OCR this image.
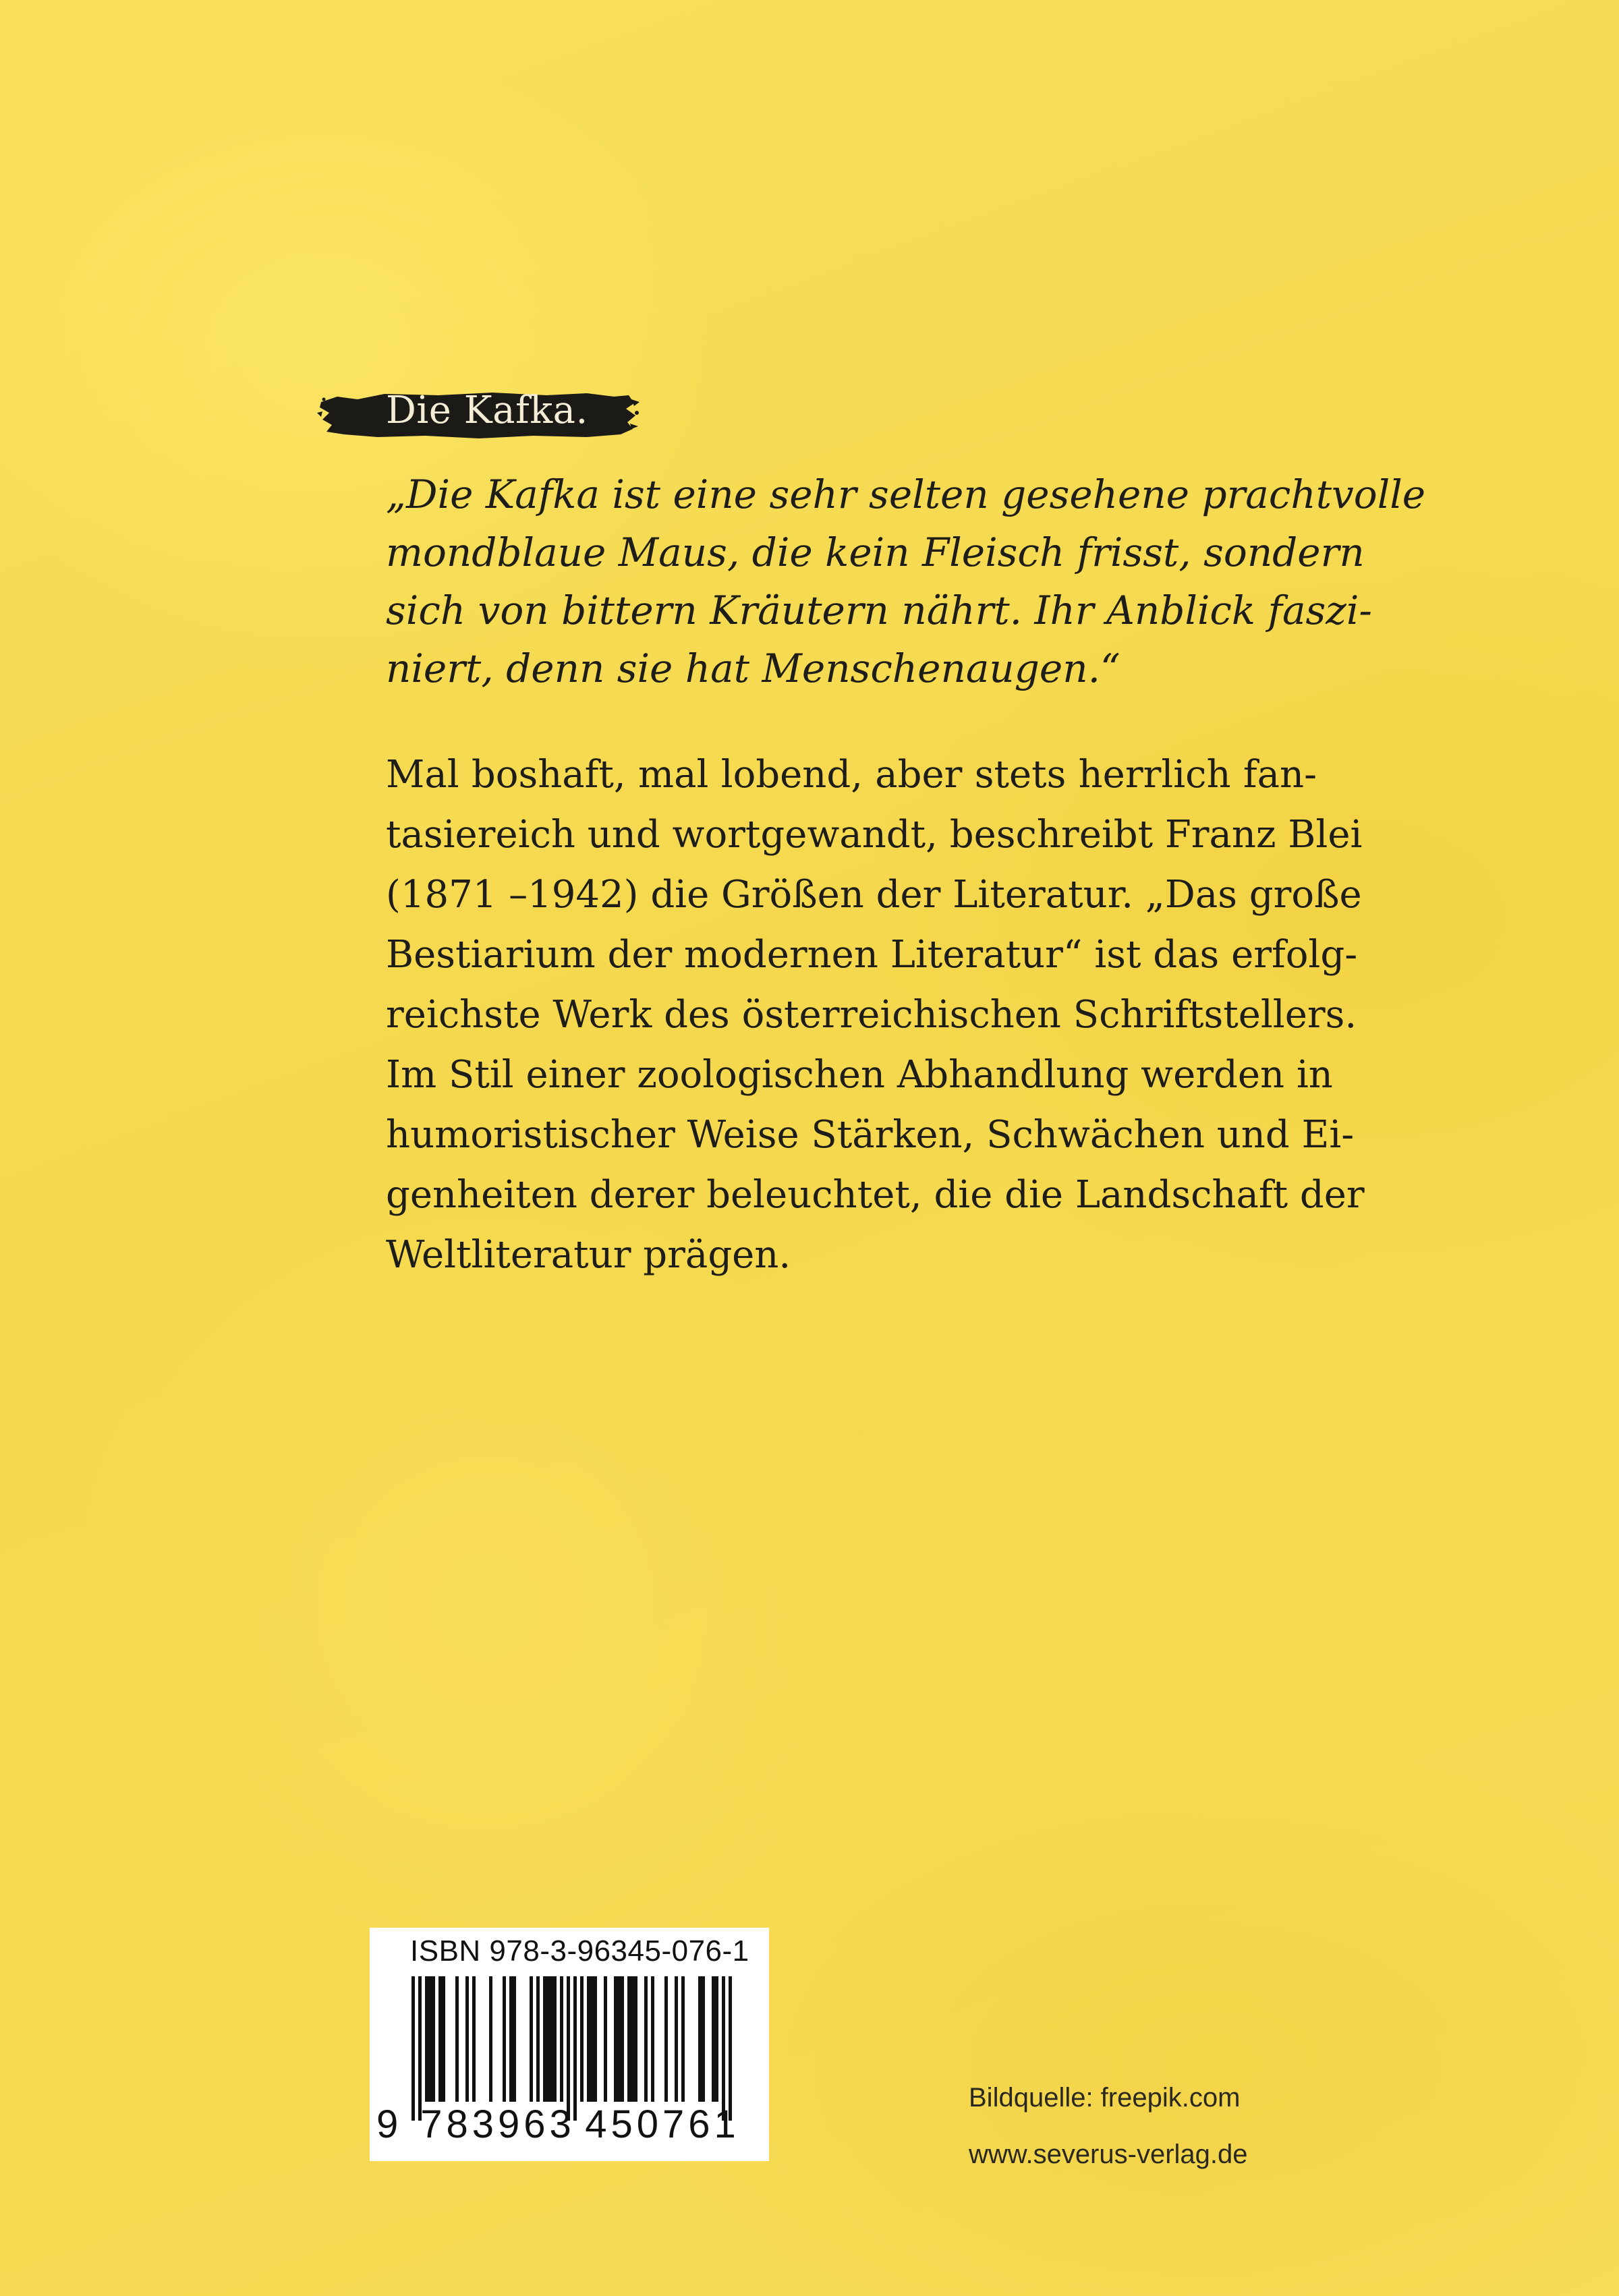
Die Kafka.
„Die Kafka ist eine sehr selten gesehene prachtvolle
mondblaue Maus, die kein Fleisch frisst, sondern
sich von bittern Kräutern nährt. Ihr Anblick faszi-
niert, denn sie hat Menschenaugen.“
Mal boshaft, mal lobend, aber stets herrlich fan-
tasiereich und wortgewandt, beschreibt Franz Blei
(1871 –1942) die Größen der Literatur. „Das große
Bestiarium der modernen Literatur“ ist das erfolg-
reichste Werk des österreichischen Schriftstellers.
Im Stil einer zoologischen Abhandlung werden in
humoristischer Weise Stärken, Schwächen und Ei-
genheiten derer beleuchtet, die die Landschaft der
Weltliteratur prägen.
ISBN 978-3-96345-076-1
9 783963 450761
Bildquelle: freepik.com
www.severus-verlag.de
